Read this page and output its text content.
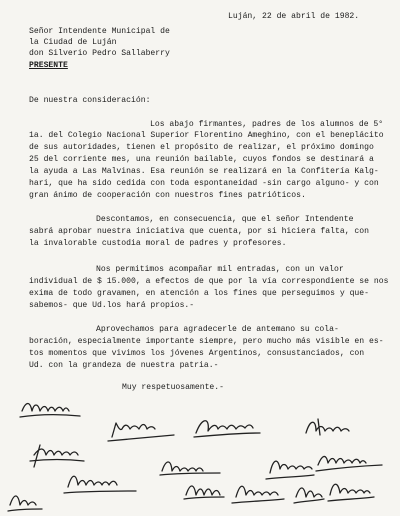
Luján, 22 de abril de 1982.
Señor Intendente Municipal de
la Ciudad de Luján
don Silverio Pedro Sallaberry
PRESENTE
De nuestra consideración:
Los abajo firmantes, padres de los alumnos de 5°
1a. del Colegio Nacional Superior Florentino Ameghino, con el beneplácito
de sus autoridades, tienen el propósito de realizar, el próximo domingo
25 del corriente mes, una reunión bailable, cuyos fondos se destinará a
la ayuda a Las Malvinas. Esa reunión se realizará en la Confitería Kalg-
hari, que ha sido cedida con toda espontaneidad -sin cargo alguno- y con
gran ánimo de cooperación con nuestros fines patrióticos.
Descontamos, en consecuencia, que el señor Intendente
sabrá aprobar nuestra iniciativa que cuenta, por si hiciera falta, con
la invalorable custodia moral de padres y profesores.
Nos permitimos acompañar mil entradas, con un valor
individual de $ 15.000, a efectos de que por la vía correspondiente se nos
exima de todo gravamen, en atención a los fines que perseguimos y que-
sabemos- que Ud.los hará propios.-
Aprovechamos para agradecerle de antemano su cola-
boración, especialmente importante siempre, pero mucho más visible en es-
tos momentos que vivimos los jóvenes Argentinos, consustanciados, con
Ud. con la grandeza de nuestra patria.-
Muy respetuosamente.-
